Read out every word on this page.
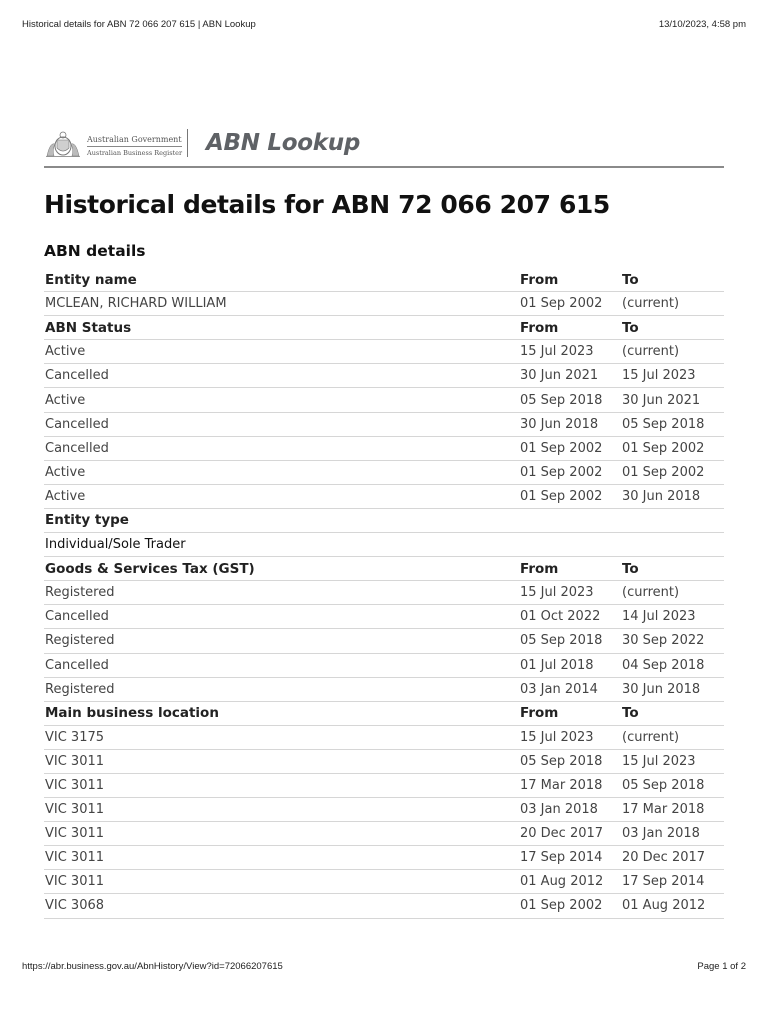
Historical details for ABN 72 066 207 615 | ABN Lookup	13/10/2023, 4:58 pm
Australian Government
Australian Business Register ABN Lookup
Historical details for ABN 72 066 207 615
ABN details
Entity name	From	To
MCLEAN, RICHARD WILLIAM	01 Sep 2002	(current)
ABN Status	From	To
Active	15 Jul 2023	(current)
Cancelled	30 Jun 2021	15 Jul 2023
Active	05 Sep 2018	30 Jun 2021
Cancelled	30 Jun 2018	05 Sep 2018
Cancelled	01 Sep 2002	01 Sep 2002
Active	01 Sep 2002	01 Sep 2002
Active	01 Sep 2002	30 Jun 2018
Entity type		
Individual/Sole Trader		
Goods & Services Tax (GST)	From	To
Registered	15 Jul 2023	(current)
Cancelled	01 Oct 2022	14 Jul 2023
Registered	05 Sep 2018	30 Sep 2022
Cancelled	01 Jul 2018	04 Sep 2018
Registered	03 Jan 2014	30 Jun 2018
Main business location	From	To
VIC 3175	15 Jul 2023	(current)
VIC 3011	05 Sep 2018	15 Jul 2023
VIC 3011	17 Mar 2018	05 Sep 2018
VIC 3011	03 Jan 2018	17 Mar 2018
VIC 3011	20 Dec 2017	03 Jan 2018
VIC 3011	17 Sep 2014	20 Dec 2017
VIC 3011	01 Aug 2012	17 Sep 2014
VIC 3068	01 Sep 2002	01 Aug 2012
https://abr.business.gov.au/AbnHistory/View?id=72066207615	Page 1 of 2
